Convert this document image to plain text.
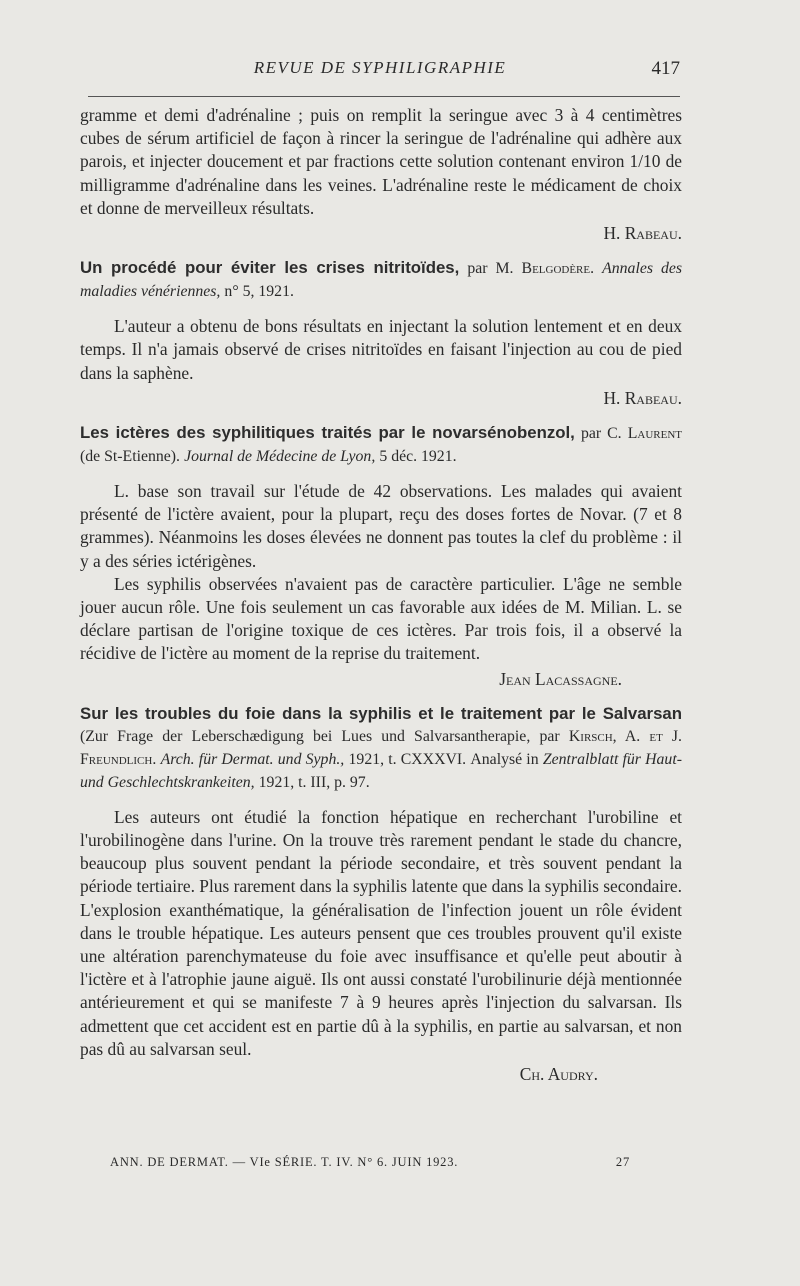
REVUE DE SYPHILIGRAPHIE	417

gramme et demi d'adrénaline ; puis on remplit la seringue avec 3 à 4 centimètres cubes de sérum artificiel de façon à rincer la seringue de l'adrénaline qui adhère aux parois, et injecter doucement et par fractions cette solution contenant environ 1/10 de milligramme d'adrénaline dans les veines. L'adrénaline reste le médicament de choix et donne de merveilleux résultats.

H. Rabeau.

Un procédé pour éviter les crises nitritoïdes, par M. Belgodère. Annales des maladies vénériennes, n° 5, 1921.

L'auteur a obtenu de bons résultats en injectant la solution lentement et en deux temps. Il n'a jamais observé de crises nitritoïdes en faisant l'injection au cou de pied dans la saphène.

H. Rabeau.

Les ictères des syphilitiques traités par le novarsénobenzol, par C. Laurent (de St-Etienne). Journal de Médecine de Lyon, 5 déc. 1921.

L. base son travail sur l'étude de 42 observations. Les malades qui avaient présenté de l'ictère avaient, pour la plupart, reçu des doses fortes de Novar. (7 et 8 grammes). Néanmoins les doses élevées ne donnent pas toutes la clef du problème : il y a des séries ictérigènes.

Les syphilis observées n'avaient pas de caractère particulier. L'âge ne semble jouer aucun rôle. Une fois seulement un cas favorable aux idées de M. Milian. L. se déclare partisan de l'origine toxique de ces ictères. Par trois fois, il a observé la récidive de l'ictère au moment de la reprise du traitement.

Jean Lacassagne.

Sur les troubles du foie dans la syphilis et le traitement par le Salvarsan (Zur Frage der Leberschædigung bei Lues und Salvarsantherapie, par Kirsch, A. et J. Freundlich. Arch. für Dermat. und Syph., 1921, t. CXXXVI. Analysé in Zentralblatt für Haut-und Geschlechtskrankeiten, 1921, t. III, p. 97.

Les auteurs ont étudié la fonction hépatique en recherchant l'urobiline et l'urobilinogène dans l'urine. On la trouve très rarement pendant le stade du chancre, beaucoup plus souvent pendant la période secondaire, et très souvent pendant la période tertiaire. Plus rarement dans la syphilis latente que dans la syphilis secondaire. L'explosion exanthématique, la généralisation de l'infection jouent un rôle évident dans le trouble hépatique. Les auteurs pensent que ces troubles prouvent qu'il existe une altération parenchymateuse du foie avec insuffisance et qu'elle peut aboutir à l'ictère et à l'atrophie jaune aiguë. Ils ont aussi constaté l'urobilinurie déjà mentionnée antérieurement et qui se manifeste 7 à 9 heures après l'injection du salvarsan. Ils admettent que cet accident est en partie dû à la syphilis, en partie au salvarsan, et non pas dû au salvarsan seul.

Ch. Audry.

ANN. DE DERMAT. — VIe SÉRIE. T. IV. N° 6. JUIN 1923.	27
